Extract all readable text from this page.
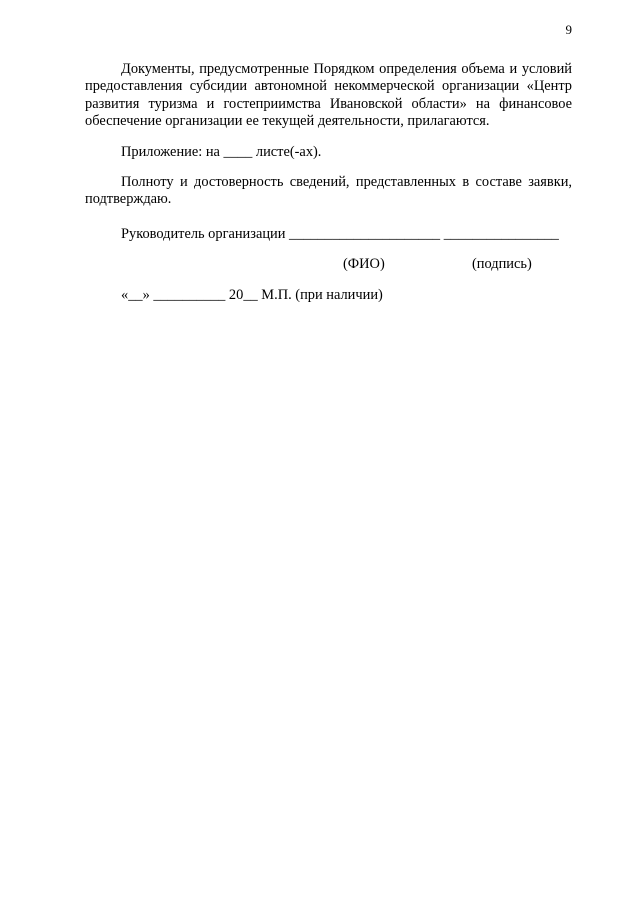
9

Документы, предусмотренные Порядком определения объема и условий предоставления субсидии автономной некоммерческой организации «Центр развития туризма и гостеприимства Ивановской области» на финансовое обеспечение организации ее текущей деятельности, прилагаются.

Приложение: на ____ листе(-ах).

Полноту и достоверность сведений, представленных в составе заявки, подтверждаю.

Руководитель организации _____________________ ________________
(ФИО)	(подпись)
«__» __________ 20__ М.П. (при наличии)
